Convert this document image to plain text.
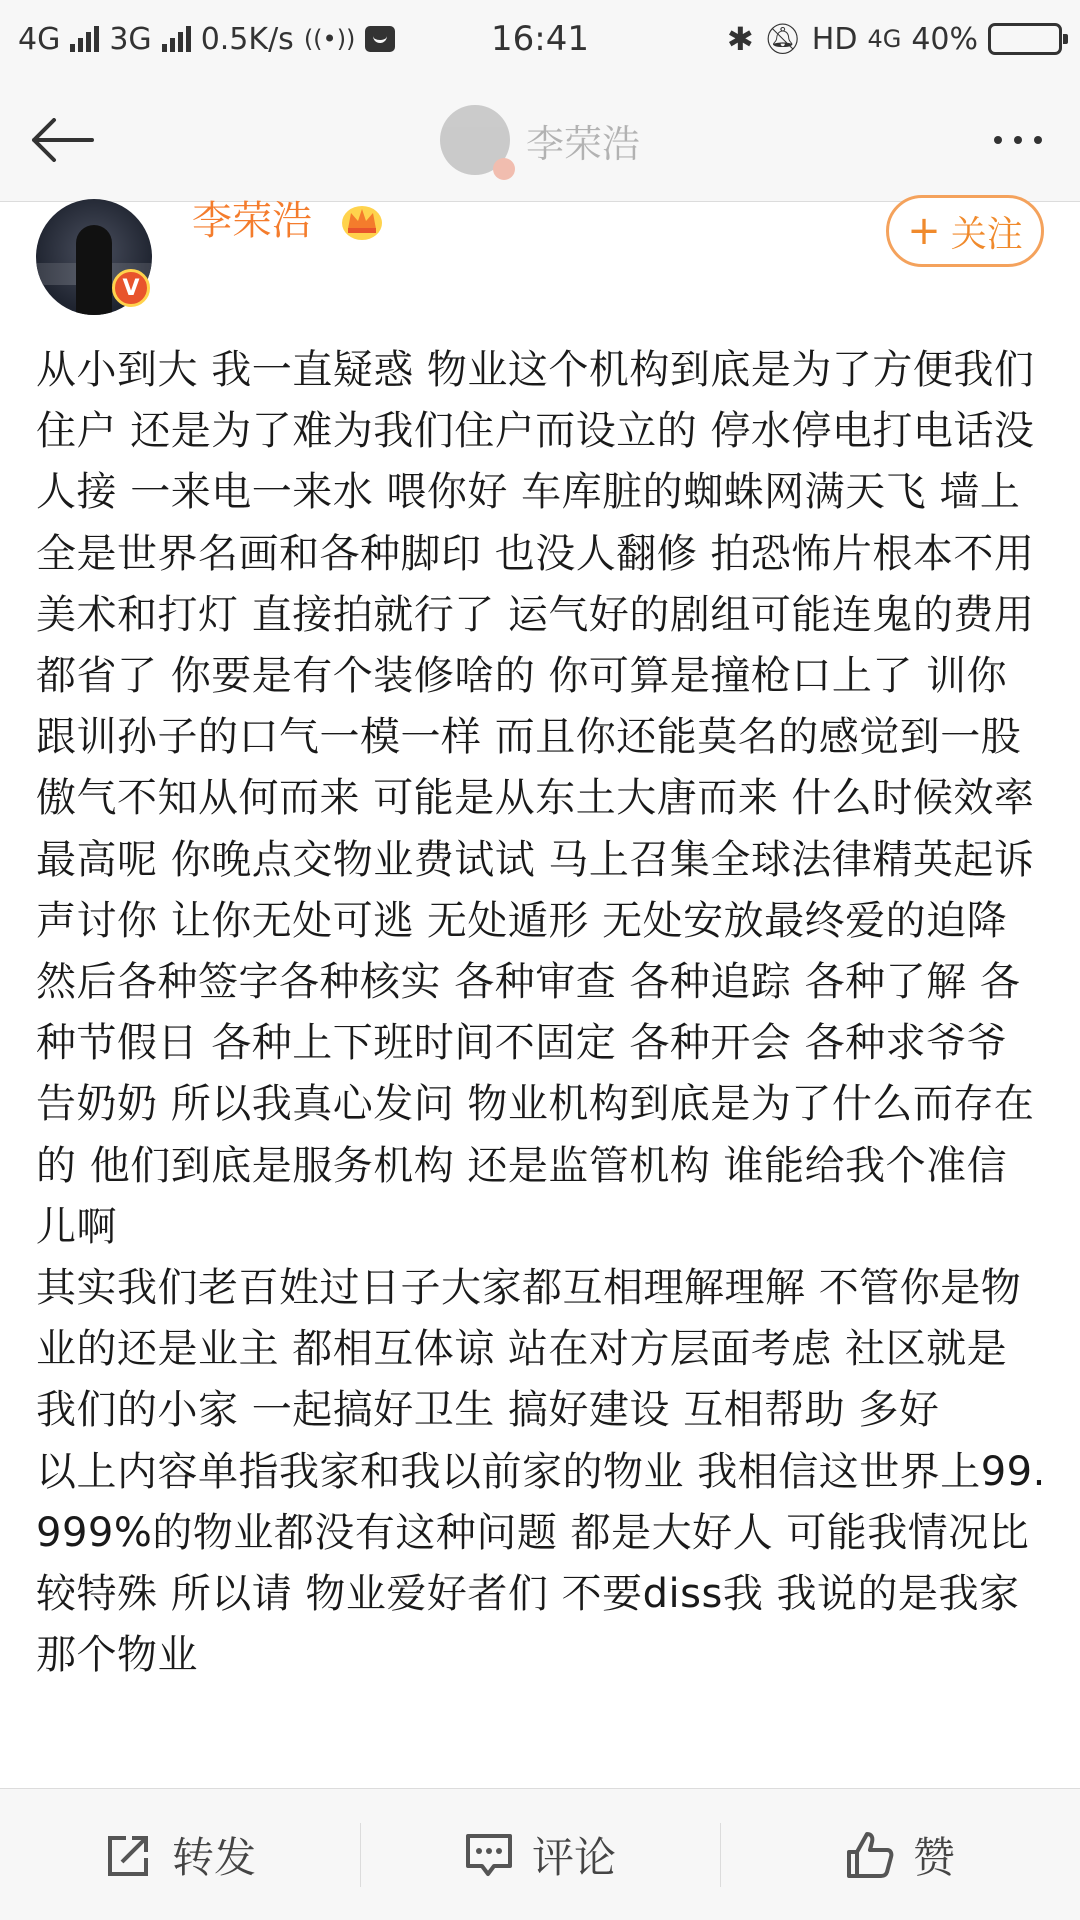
4G 3G 0.5K/s ((•))	16:41	✱ 🔕︎ HD 4G 40%
李荣浩
V
李荣浩	+ 关注

从小到大 我一直疑惑 物业这个机构到底是为了方便我们住户 还是为了难为我们住户而设立的 停水停电打电话没人接 一来电一来水 喂你好 车库脏的蜘蛛网满天飞 墙上全是世界名画和各种脚印 也没人翻修 拍恐怖片根本不用美术和打灯 直接拍就行了 运气好的剧组可能连鬼的费用都省了 你要是有个装修啥的 你可算是撞枪口上了 训你跟训孙子的口气一模一样 而且你还能莫名的感觉到一股傲气不知从何而来 可能是从东土大唐而来 什么时候效率最高呢 你晚点交物业费试试 马上召集全球法律精英起诉声讨你 让你无处可逃 无处遁形 无处安放最终爱的迫降 然后各种签字各种核实 各种审查 各种追踪 各种了解 各种节假日 各种上下班时间不固定 各种开会 各种求爷爷告奶奶 所以我真心发问 物业机构到底是为了什么而存在的 他们到底是服务机构 还是监管机构 谁能给我个准信儿啊

其实我们老百姓过日子大家都互相理解理解 不管你是物业的还是业主 都相互体谅 站在对方层面考虑 社区就是我们的小家 一起搞好卫生 搞好建设 互相帮助 多好

以上内容单指我家和我以前家的物业 我相信这世界上99.999%的物业都没有这种问题 都是大好人 可能我情况比较特殊 所以请 物业爱好者们 不要diss我 我说的是我家那个物业

转发	评论	赞
